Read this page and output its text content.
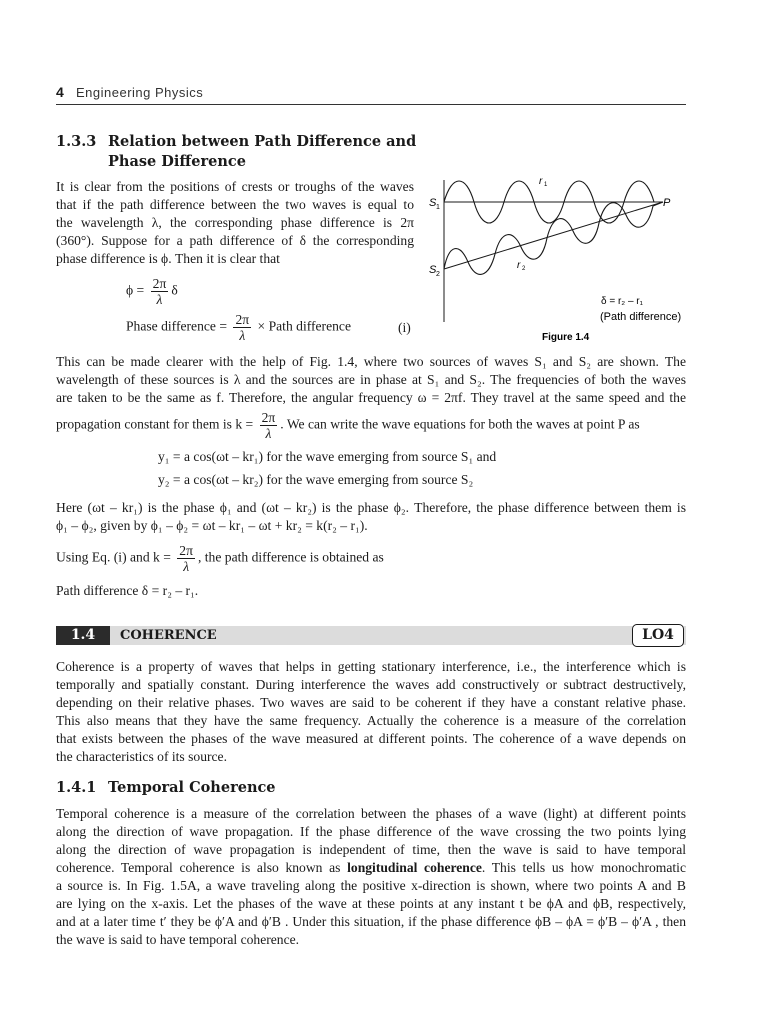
4 Engineering Physics
1.3.3 Relation between Path Difference and
Phase Difference

It is clear from the positions of crests or troughs of the waves

that if the path difference between the two waves is equal to

the wavelength λ, the corresponding phase difference is 2π

(360°). Suppose for a path difference of δ the corresponding

phase difference is ϕ. Then it is clear that

$\phi = \frac{2\pi}{\lambda}$ δ
Phase difference = $\frac{2\pi}{\lambda}$ × Path difference	(i)
S 1
S 2
r 1
r 2
P
δ = r₂ – r₁
(Path difference)
Figure 1.4

This can be made clearer with the help of Fig. 1.4, where two sources of waves S₁ and S₂ are shown. The

wavelength of these sources is λ and the sources are in phase at S₁ and S₂. The frequencies of both the waves

are taken to be the same as f. Therefore, the angular frequency ω = 2πf. They travel at the same speed and the

propagation constant for them is $k = \frac{2\pi}{\lambda}$ . We can write the wave equations for both the waves at point P as
y₁ = a cos(ωt – kr₁) for the wave emerging from source S₁ and
y₂ = a cos(ωt – kr₂) for the wave emerging from source S₂

Here (ωt – kr₁) is the phase ϕ₁ and (ωt – kr₂) is the phase ϕ₂. Therefore, the phase difference between them is

ϕ₁ – ϕ₂, given by ϕ₁ – ϕ₂ = ωt – kr₁ – ωt + kr₂ = k(r₂ – r₁).

Using Eq. (i) and $k = \frac{2\pi}{\lambda}$ , the path difference is obtained as
Path difference δ = r₂ – r₁.
1.4	COHERENCE	LO4

Coherence is a property of waves that helps in getting stationary interference, i.e., the interference which is

temporally and spatially constant. During interference the waves add constructively or subtract destructively,

depending on their relative phases. Two waves are said to be coherent if they have a constant relative phase.

This also means that they have the same frequency. Actually the coherence is a measure of the correlation

that exists between the phases of the wave measured at different points. The coherence of a wave depends on

the characteristics of its source.

1.4.1 Temporal Coherence

Temporal coherence is a measure of the correlation between the phases of a wave (light) at different points

along the direction of wave propagation. If the phase difference of the wave crossing the two points lying

along the direction of wave propagation is independent of time, then the wave is said to have temporal

coherence. Temporal coherence is also known as longitudinal coherence. This tells us how monochromatic

a source is. In Fig. 1.5A, a wave traveling along the positive x-direction is shown, where two points A and B

are lying on the x-axis. Let the phases of the wave at these points at any instant t be ϕA and ϕB, respectively,

and at a later time t′ they be ϕ′A and ϕ′B . Under this situation, if the phase difference ϕB – ϕA = ϕ′B – ϕ′A , then

the wave is said to have temporal coherence.
